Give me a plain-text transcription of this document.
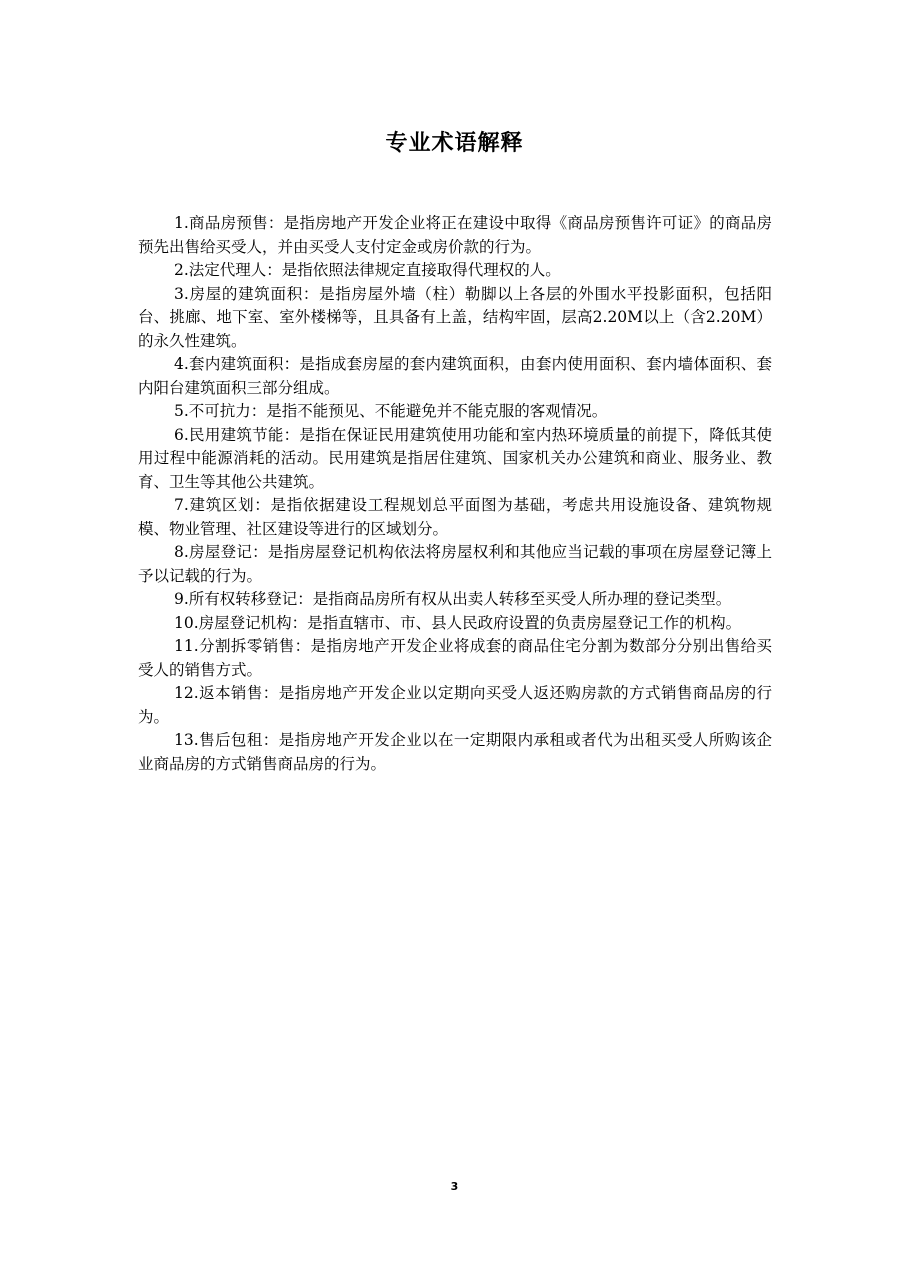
专业术语解释

1.商品房预售：是指房地产开发企业将正在建设中取得《商品房预售许可证》的商品房预先出售给买受人，并由买受人支付定金或房价款的行为。

2.法定代理人：是指依照法律规定直接取得代理权的人。

3.房屋的建筑面积：是指房屋外墙（柱）勒脚以上各层的外围水平投影面积，包括阳台、挑廊、地下室、室外楼梯等，且具备有上盖，结构牢固，层高2.20M以上（含2.20M）的永久性建筑。

4.套内建筑面积：是指成套房屋的套内建筑面积，由套内使用面积、套内墙体面积、套内阳台建筑面积三部分组成。

5.不可抗力：是指不能预见、不能避免并不能克服的客观情况。

6.民用建筑节能：是指在保证民用建筑使用功能和室内热环境质量的前提下，降低其使用过程中能源消耗的活动。民用建筑是指居住建筑、国家机关办公建筑和商业、服务业、教育、卫生等其他公共建筑。

7.建筑区划：是指依据建设工程规划总平面图为基础，考虑共用设施设备、建筑物规模、物业管理、社区建设等进行的区域划分。

8.房屋登记：是指房屋登记机构依法将房屋权利和其他应当记载的事项在房屋登记簿上予以记载的行为。

9.所有权转移登记：是指商品房所有权从出卖人转移至买受人所办理的登记类型。

10.房屋登记机构：是指直辖市、市、县人民政府设置的负责房屋登记工作的机构。

11.分割拆零销售：是指房地产开发企业将成套的商品住宅分割为数部分分别出售给买受人的销售方式。

12.返本销售：是指房地产开发企业以定期向买受人返还购房款的方式销售商品房的行为。

13.售后包租：是指房地产开发企业以在一定期限内承租或者代为出租买受人所购该企业商品房的方式销售商品房的行为。

3
